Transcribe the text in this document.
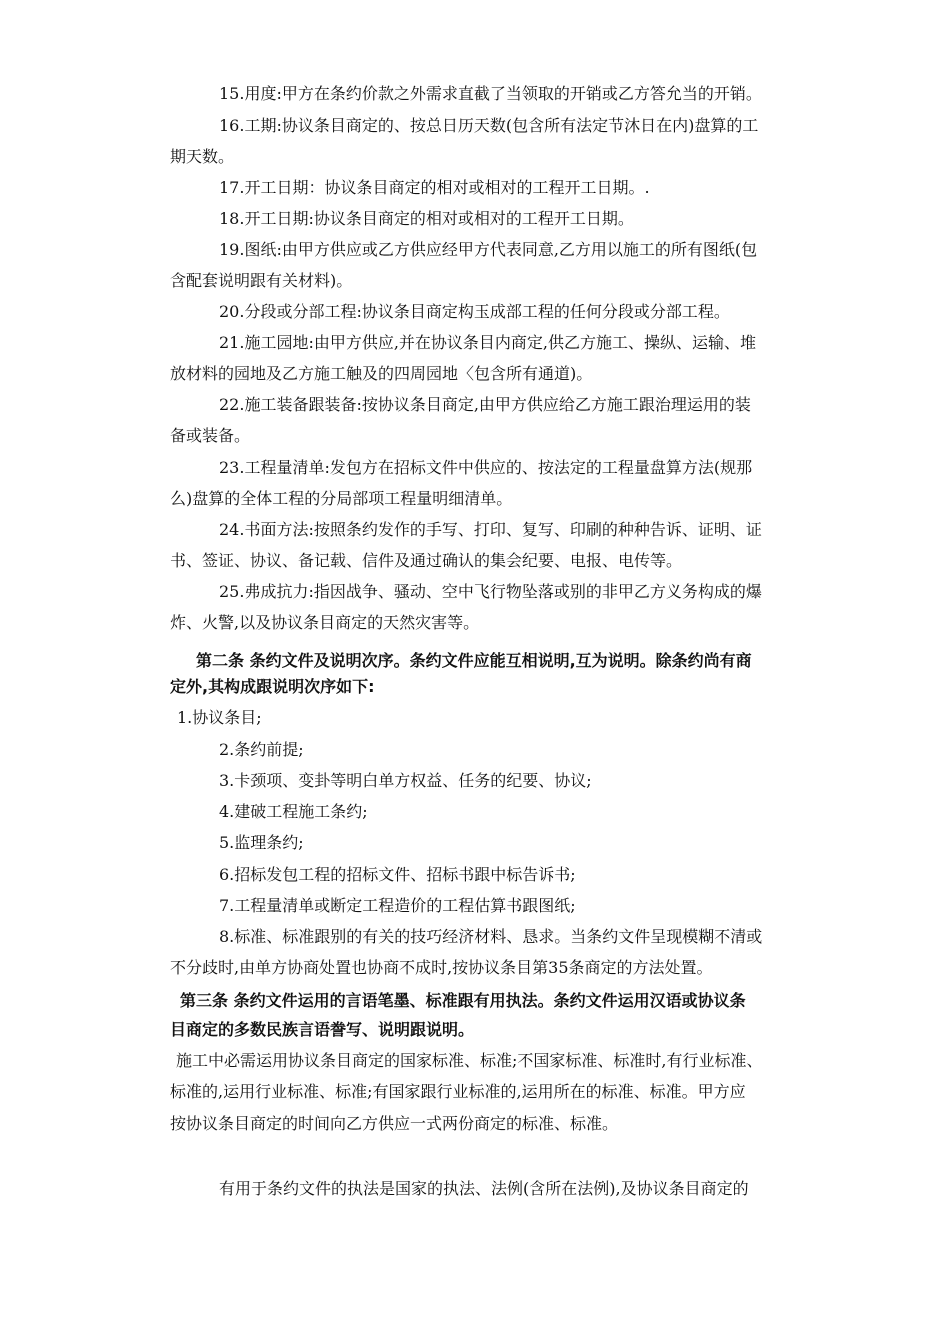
15.用度:甲方在条约价款之外需求直截了当领取的开销或乙方答允当的开销。
16.工期:协议条目商定的、按总日历天数(包含所有法定节沐日在内)盘算的工
期天数。
17.开工日期：协议条目商定的相对或相对的工程开工日期。.
18.开工日期:协议条目商定的相对或相对的工程开工日期。
19.图纸:由甲方供应或乙方供应经甲方代表同意,乙方用以施工的所有图纸(包
含配套说明跟有关材料)。
20.分段或分部工程:协议条目商定构玉成部工程的任何分段或分部工程。
21.施工园地:由甲方供应,并在协议条目内商定,供乙方施工、操纵、运输、堆
放材料的园地及乙方施工触及的四周园地〈包含所有通道)。
22.施工装备跟装备:按协议条目商定,由甲方供应给乙方施工跟治理运用的装
备或装备。
23.工程量清单:发包方在招标文件中供应的、按法定的工程量盘算方法(规那
么)盘算的全体工程的分局部项工程量明细清单。
24.书面方法:按照条约发作的手写、打印、复写、印刷的种种告诉、证明、证
书、签证、协议、备记载、信件及通过确认的集会纪要、电报、电传等。
25.弗成抗力:指因战争、骚动、空中飞行物坠落或别的非甲乙方义务构成的爆
炸、火警,以及协议条目商定的天然灾害等。
第二条 条约文件及说明次序。条约文件应能互相说明,互为说明。除条约尚有商
定外,其构成跟说明次序如下:
1.协议条目;
2.条约前提;
3.卡颈项、变卦等明白单方权益、任务的纪要、协议;
4.建破工程施工条约;
5.监理条约;
6.招标发包工程的招标文件、招标书跟中标告诉书;
7.工程量清单或断定工程造价的工程估算书跟图纸;
8.标准、标准跟别的有关的技巧经济材料、恳求。当条约文件呈现模糊不清或
不分歧时,由单方协商处置也协商不成时,按协议条目第35条商定的方法处置。
第三条 条约文件运用的言语笔墨、标准跟有用执法。条约文件运用汉语或协议条
目商定的多数民族言语誊写、说明跟说明。
施工中必需运用协议条目商定的国家标准、标准;不国家标准、标准时,有行业标准、
标准的,运用行业标准、标准;有国家跟行业标准的,运用所在的标准、标准。甲方应
按协议条目商定的时间向乙方供应一式两份商定的标准、标准。
有用于条约文件的执法是国家的执法、法例(含所在法例),及协议条目商定的
